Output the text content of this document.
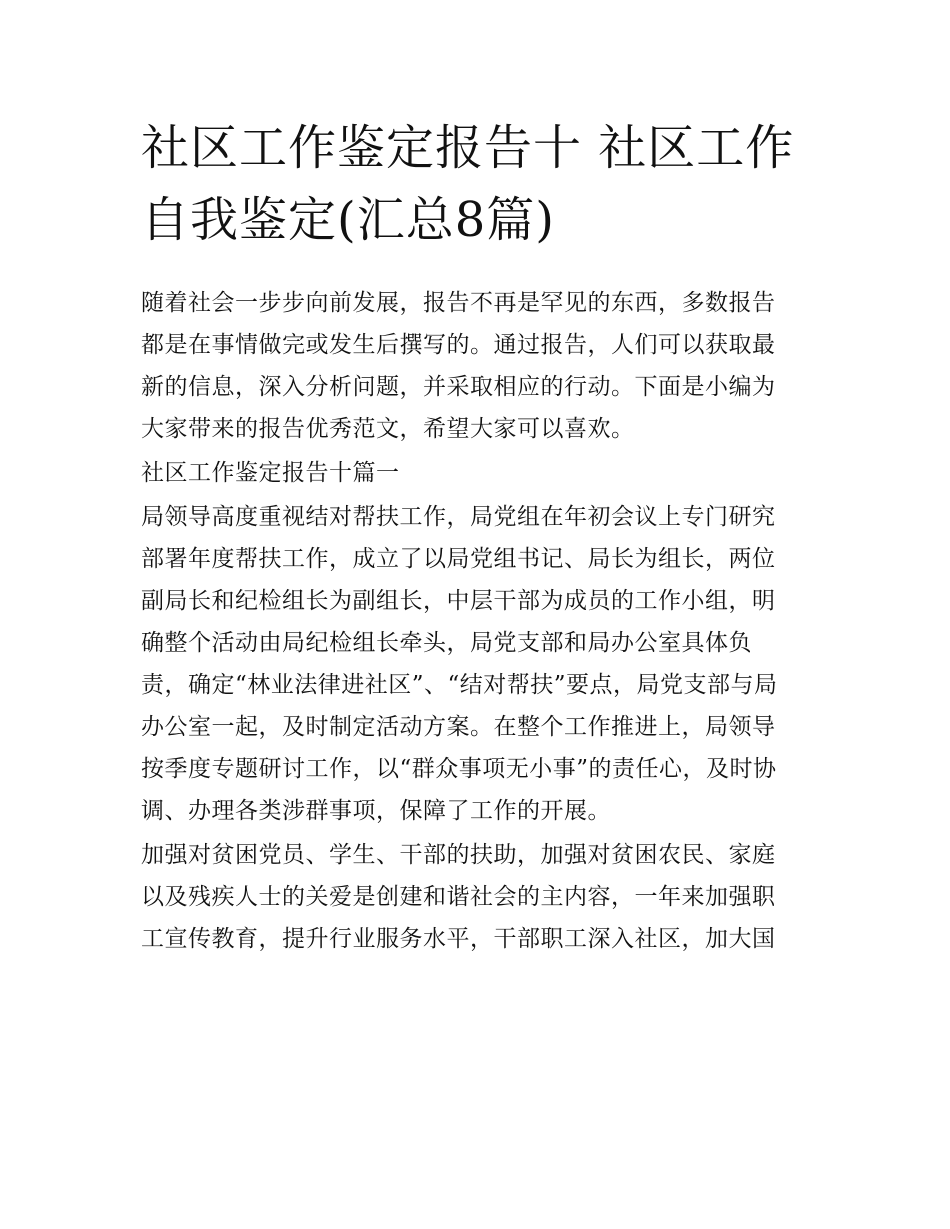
社区工作鉴定报告十 社区工作
自我鉴定(汇总8篇)

随着社会一步步向前发展，报告不再是罕见的东西，多数报告
都是在事情做完或发生后撰写的。通过报告，人们可以获取最
新的信息，深入分析问题，并采取相应的行动。下面是小编为
大家带来的报告优秀范文，希望大家可以喜欢。

社区工作鉴定报告十篇一

局领导高度重视结对帮扶工作，局党组在年初会议上专门研究
部署年度帮扶工作，成立了以局党组书记、局长为组长，两位
副局长和纪检组长为副组长，中层干部为成员的工作小组，明
确整个活动由局纪检组长牵头，局党支部和局办公室具体负
责，确定“林业法律进社区”、“结对帮扶”要点，局党支部与局
办公室一起，及时制定活动方案。在整个工作推进上，局领导
按季度专题研讨工作，以“群众事项无小事”的责任心，及时协
调、办理各类涉群事项，保障了工作的开展。

加强对贫困党员、学生、干部的扶助，加强对贫困农民、家庭
以及残疾人士的关爱是创建和谐社会的主内容，一年来加强职
工宣传教育，提升行业服务水平，干部职工深入社区，加大国
